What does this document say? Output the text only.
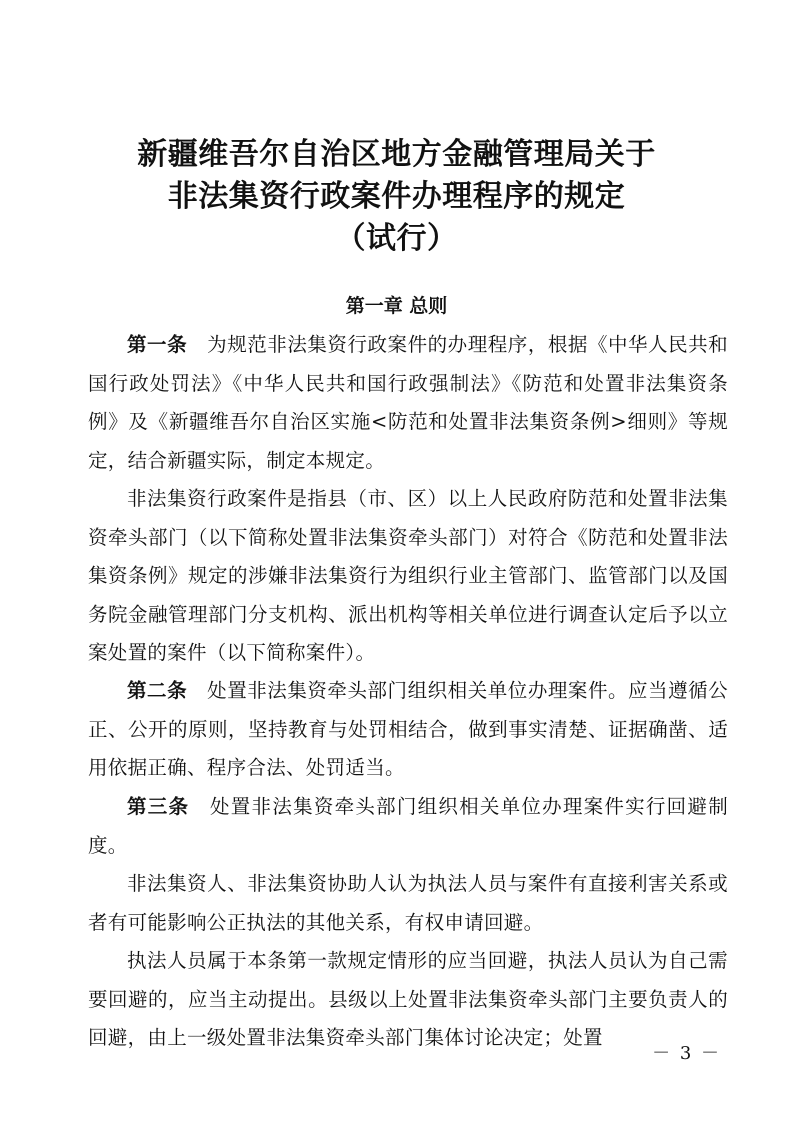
新疆维吾尔自治区地方金融管理局关于
非法集资行政案件办理程序的规定
（试行）
第一章 总则

第一条　 为规范非法集资行政案件的办理程序，根据《中华人民共和国行政处罚法》《中华人民共和国行政强制法》《防范和处置非法集资条例》及《新疆维吾尔自治区实施<防范和处置非法集资条例>细则》等规定，结合新疆实际，制定本规定。

非法集资行政案件是指县（市、区）以上人民政府防范和处置非法集资牵头部门（以下简称处置非法集资牵头部门）对符合《防范和处置非法集资条例》规定的涉嫌非法集资行为组织行业主管部门、监管部门以及国务院金融管理部门分支机构、派出机构等相关单位进行调查认定后予以立案处置的案件（以下简称案件）。

第二条　 处置非法集资牵头部门组织相关单位办理案件。应当遵循公正、公开的原则，坚持教育与处罚相结合，做到事实清楚、证据确凿、适用依据正确、程序合法、处罚适当。

第三条　 处置非法集资牵头部门组织相关单位办理案件实行回避制度。

非法集资人、非法集资协助人认为执法人员与案件有直接利害关系或者有可能影响公正执法的其他关系，有权申请回避。

执法人员属于本条第一款规定情形的应当回避，执法人员认为自己需要回避的，应当主动提出。县级以上处置非法集资牵头部门主要负责人的回避，由上一级处置非法集资牵头部门集体讨论决定；处置

－ 3 －
